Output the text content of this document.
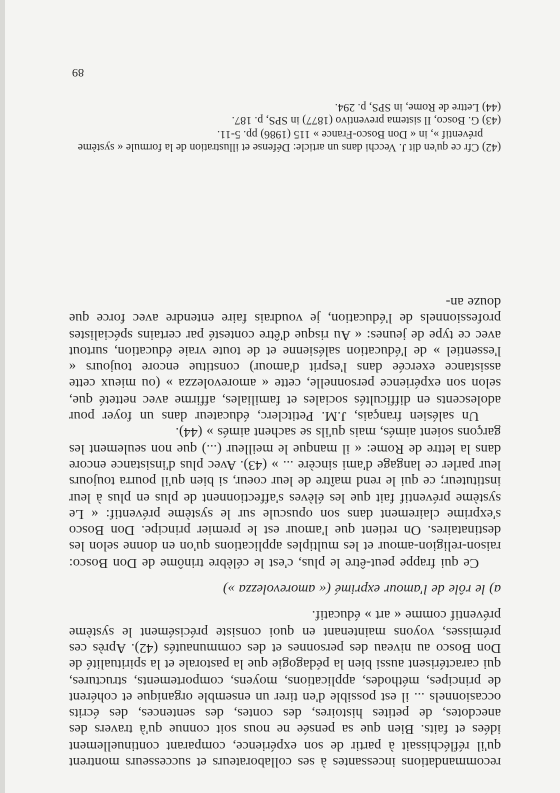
recommandations incessantes à ses collaborateurs et successeurs montrent qu'il réfléchissait à partir de son expérience, comparant continuellement idées et faits. Bien que sa pensée ne nous soit connue qu'à travers des anecdotes, de petites histoires, des contes, des sentences, des écrits occasionnels ... il est possible d'en tirer un ensemble organique et cohérent de principes, méthodes, applications, moyens, comportements, structures, qui caractérisent aussi bien la pédagogie que la pastorale et la spiritualité de Don Bosco au niveau des personnes et des communautés (42). Après ces prémisses, voyons maintenant en quoi consiste précisément le système préventif comme « art » éducatif.

a) le rôle de l'amour exprimé (« amorevolezza »)

Ce qui frappe peut-être le plus, c'est le célèbre trinôme de Don Bosco: raison-religion-amour et les multiples applications qu'on en donne selon les destinataires. On retient que l'amour est le premier principe. Don Bosco s'exprime clairement dans son opuscule sur le système préventif: « Le système préventif fait que les élèves s'affectionnent de plus en plus à leur instituteur; ce qui le rend maître de leur coeur, si bien qu'il pourra toujours leur parler ce langage d'ami sincère ... » (43). Avec plus d'insistance encore dans la lettre de Rome: « il manque le meilleur (...) que non seulement les garçons soient aimés, mais qu'ils se sachent aimés » (44).

Un salésien français, J.M. Petitclerc, éducateur dans un foyer pour adolescents en difficultés sociales et familiales, affirme avec netteté que, selon son expérience personnelle, cette « amorevolezza » (ou mieux cette assistance exercée dans l'esprit d'amour) constitue encore toujours « l'essentiel » de l'éducation salésienne et de toute vraie éducation, surtout avec ce type de jeunes: « Au risque d'être contesté par certains spécialistes professionnels de l'éducation, je voudrais faire entendre avec force que douze an-

(42) Cfr ce qu'en dit J. Vecchi dans un article: Défense et illustration de la formule « système préventif », in « Don Bosco-France » 115 (1986) pp. 5-11.

(43) G. Bosco, Il sistema preventivo (1877) in SPS, p. 187.

(44) Lettre de Rome, in SPS, p. 294.

89
